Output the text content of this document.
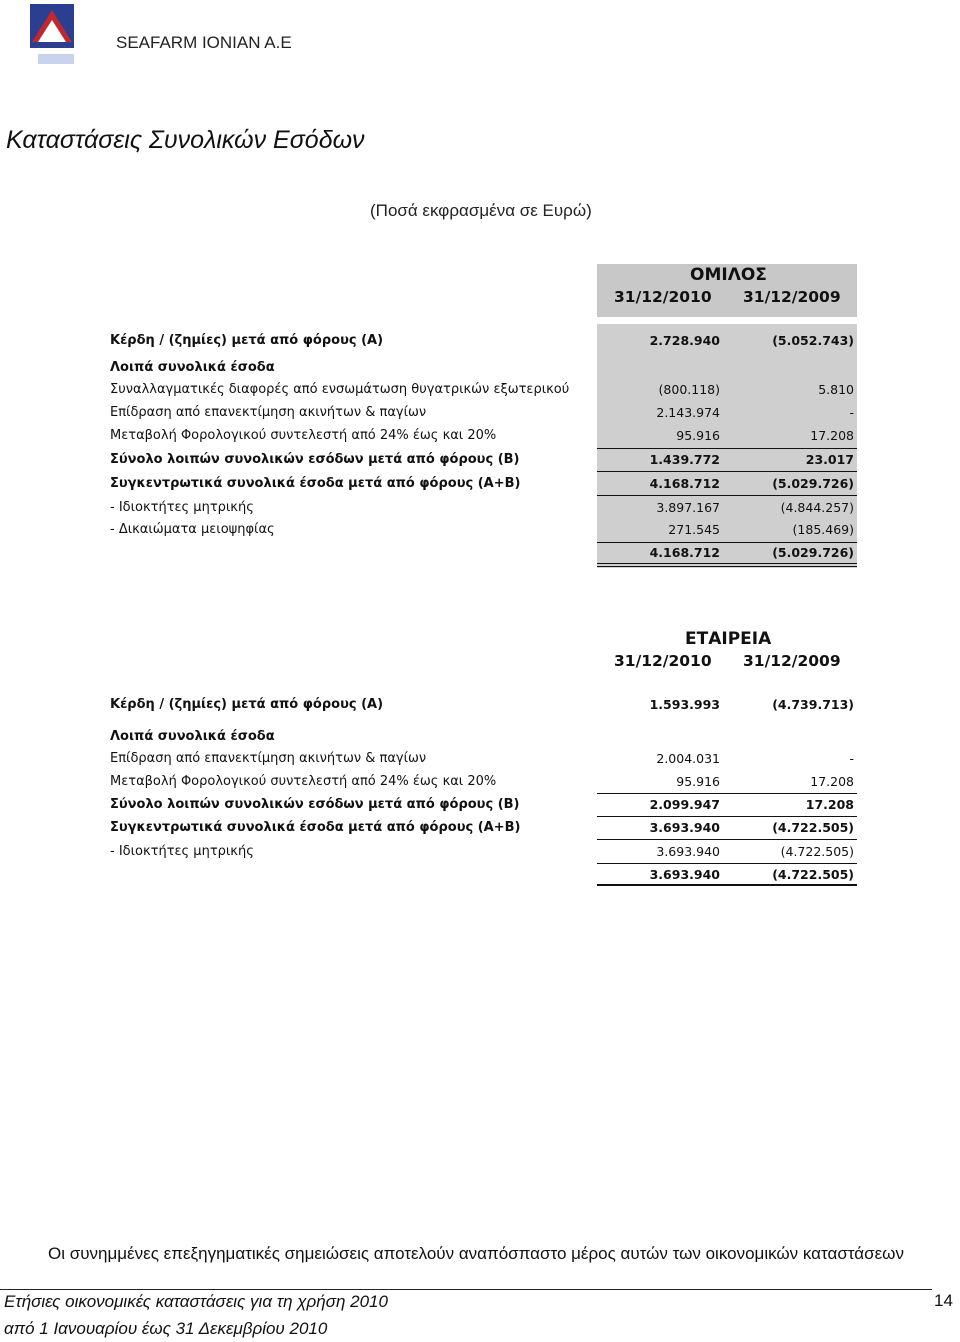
SEAFARM IONIAN A.E
Καταστάσεις Συνολικών Εσόδων
(Ποσά εκφρασμένα σε Ευρώ)
ΟΜΙΛΟΣ
31/12/2010 31/12/2009
Κέρδη / (ζημίες) μετά από φόρους (Α)	2.728.940	(5.052.743)
Λοιπά συνολικά έσοδα
Συναλλαγματικές διαφορές από ενσωμάτωση θυγατρικών εξωτερικού	(800.118)	5.810
Επίδραση από επανεκτίμηση ακινήτων & παγίων	2.143.974	-
Μεταβολή Φορολογικού συντελεστή από 24% έως και 20%	95.916	17.208
Σύνολο λοιπών συνολικών εσόδων μετά από φόρους (Β)	1.439.772	23.017
Συγκεντρωτικά συνολικά έσοδα μετά από φόρους (Α+Β)	4.168.712	(5.029.726)
- Ιδιοκτήτες μητρικής	3.897.167	(4.844.257)
- Δικαιώματα μειοψηφίας	271.545	(185.469)
4.168.712	(5.029.726)
ΕΤΑΙΡΕΙΑ
31/12/2010 31/12/2009
Κέρδη / (ζημίες) μετά από φόρους (Α)	1.593.993	(4.739.713)
Λοιπά συνολικά έσοδα
Επίδραση από επανεκτίμηση ακινήτων & παγίων	2.004.031	-
Μεταβολή Φορολογικού συντελεστή από 24% έως και 20%	95.916	17.208
Σύνολο λοιπών συνολικών εσόδων μετά από φόρους (Β)	2.099.947	17.208
Συγκεντρωτικά συνολικά έσοδα μετά από φόρους (Α+Β)	3.693.940	(4.722.505)
- Ιδιοκτήτες μητρικής	3.693.940	(4.722.505)
3.693.940	(4.722.505)
Οι συνημμένες επεξηγηματικές σημειώσεις αποτελούν αναπόσπαστο μέρος αυτών των οικονομικών καταστάσεων
Ετήσιες οικονομικές καταστάσεις για τη χρήση 2010
από 1 Ιανουαρίου έως 31 Δεκεμβρίου 2010
14
